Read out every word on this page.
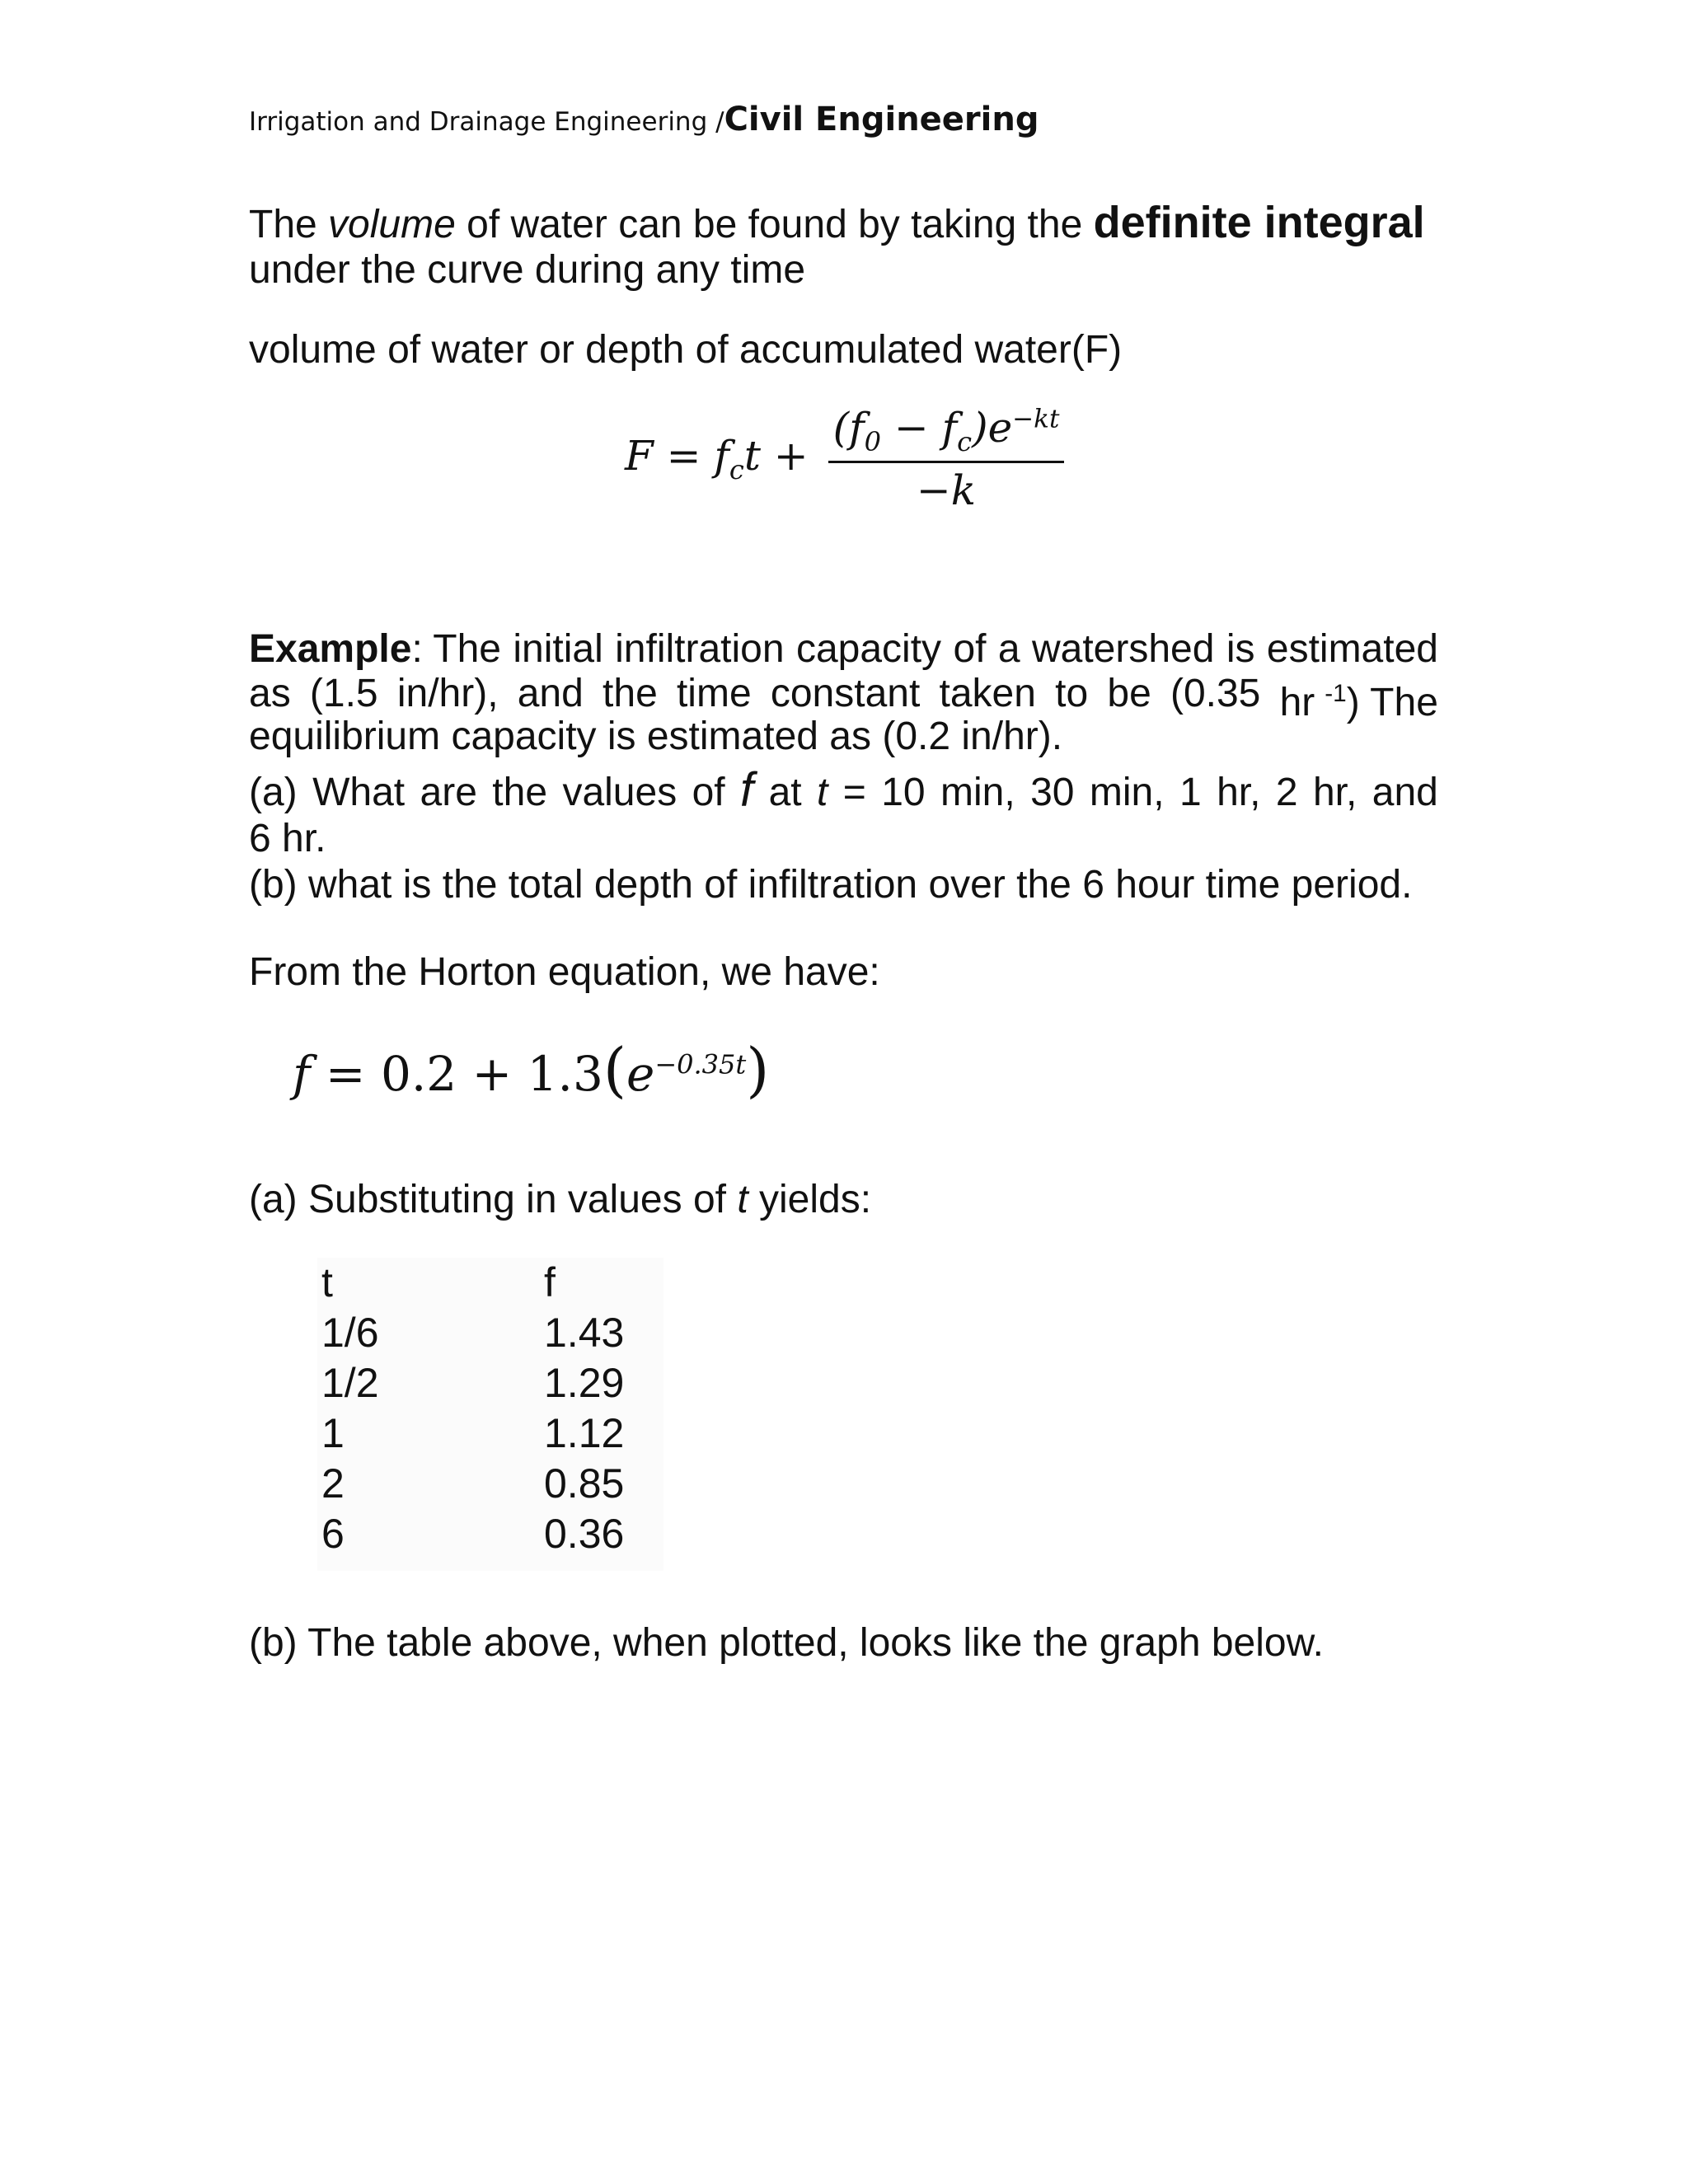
Irrigation and Drainage Engineering /Civil Engineering
The volume of water can be found by taking the definite integral
under the curve during any time
volume of water or depth of accumulated water(F)
$F = f_ct + \frac{(f_0 - f_c)e^{-kt}}{-k}$
Example: The initial infiltration capacity of a watershed is estimated
as (1.5 in/hr), and the time constant taken to be (0.35 hr $^{-1}$) The
equilibrium capacity is estimated as (0.2 in/hr).
(a) What are the values of f at t = 10 min, 30 min, 1 hr, 2 hr, and
6 hr.
(b) what is the total depth of infiltration over the 6 hour time period.
From the Horton equation, we have:
$f = 0.2 + 1.3(e^{-0.35t})$
(a) Substituting in values of t yields:
t
1/6
1/2
1
2
6
f
1.43
1.29
1.12
0.85
0.36
(b) The table above, when plotted, looks like the graph below.
